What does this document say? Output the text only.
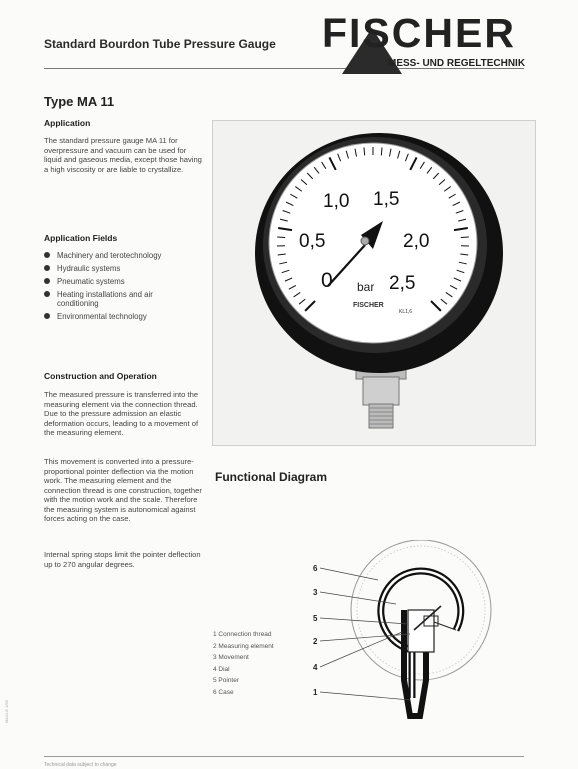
Standard Bourdon Tube Pressure Gauge FISCHER
MESS- UND REGELTECHNIK
Type MA 11
Application
The standard pressure gauge MA 11 for overpressure and vacuum can be used for liquid and gaseous media, except those having a high viscosity or are liable to crystallize.
Application Fields
Machinery and terotechnology
Hydraulic systems
Pneumatic systems
Heating installations and air conditioning
Environmental technology
Construction and Operation
The measured pressure is transferred into the measuring element via the connection thread. Due to the pressure admission an elastic deformation occurs, leading to a movement of the measuring element.
This movement is converted into a pressure-proportional pointer deflection via the motion work. The measuring element and the connection thread is one construction, together with the motion work and the scale. Therefore the measuring system is autonomical against forces acting on the case.
Internal spring stops limit the pointer deflection up to 270 angular degrees.
0
0,5
1,0 1,5
2,0
2,5
bar
FISCHER
KL1,6
Functional Diagram
6
3
5
2
4
1
1 Connection thread
2 Measuring element
3 Movement
4 Dial
5 Pointer
6 Case
Technical data subject to change
MA11-E 1/95
